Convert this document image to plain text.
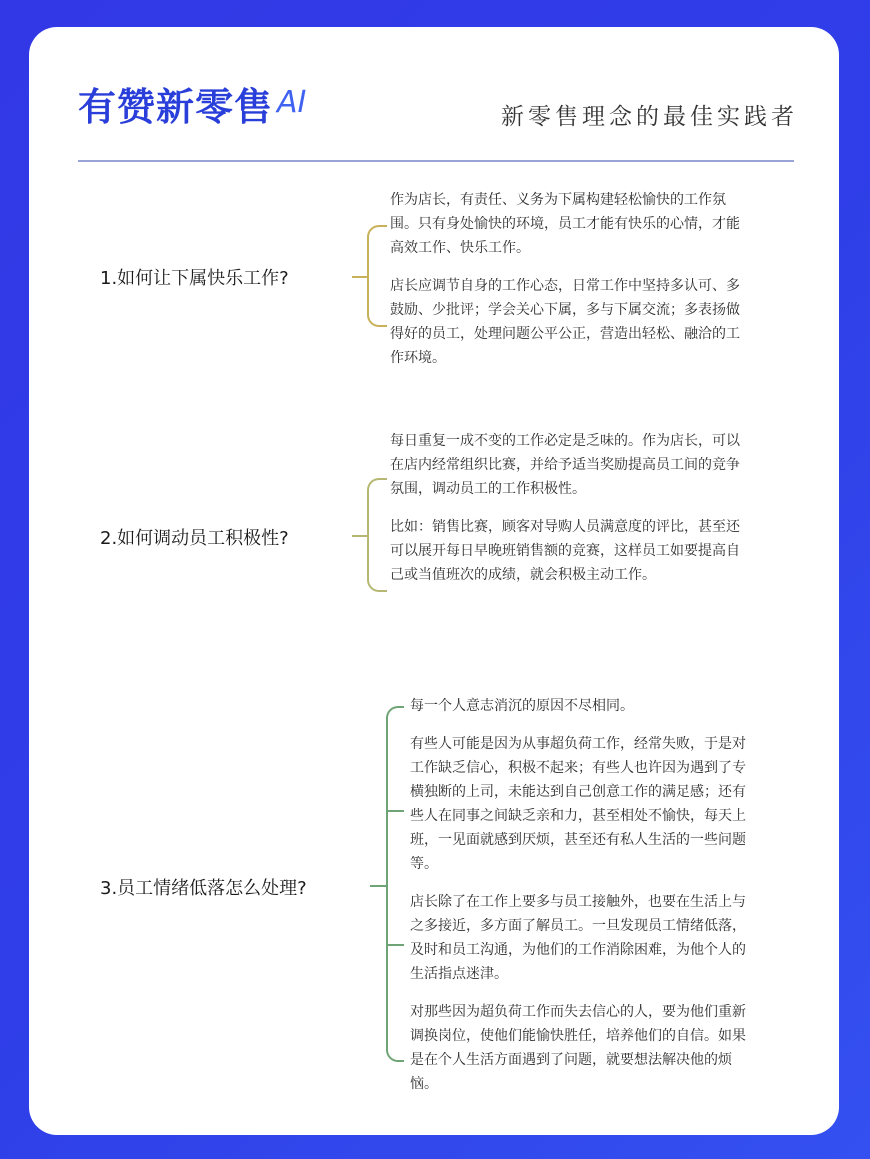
有赞新零售 AI	新零售理念的最佳实践者
1.如何让下属快乐工作?

作为店长，有责任、义务为下属构建轻松愉快的工作氛围。只有身处愉快的环境，员工才能有快乐的心情，才能高效工作、快乐工作。

店长应调节自身的工作心态，日常工作中坚持多认可、多鼓励、少批评；学会关心下属，多与下属交流；多表扬做得好的员工，处理问题公平公正，营造出轻松、融洽的工作环境。

2.如何调动员工积极性?

每日重复一成不变的工作必定是乏味的。作为店长，可以在店内经常组织比赛，并给予适当奖励提高员工间的竞争氛围，调动员工的工作积极性。

比如：销售比赛，顾客对导购人员满意度的评比，甚至还可以展开每日早晚班销售额的竞赛，这样员工如要提高自己或当值班次的成绩，就会积极主动工作。

3.员工情绪低落怎么处理?

每一个人意志消沉的原因不尽相同。

有些人可能是因为从事超负荷工作，经常失败，于是对工作缺乏信心，积极不起来；有些人也许因为遇到了专横独断的上司，未能达到自己创意工作的满足感；还有些人在同事之间缺乏亲和力，甚至相处不愉快，每天上班，一见面就感到厌烦，甚至还有私人生活的一些问题等。

店长除了在工作上要多与员工接触外，也要在生活上与之多接近，多方面了解员工。一旦发现员工情绪低落，及时和员工沟通，为他们的工作消除困难，为他个人的生活指点迷津。

对那些因为超负荷工作而失去信心的人，要为他们重新调换岗位，使他们能愉快胜任，培养他们的自信。如果是在个人生活方面遇到了问题，就要想法解决他的烦恼。
